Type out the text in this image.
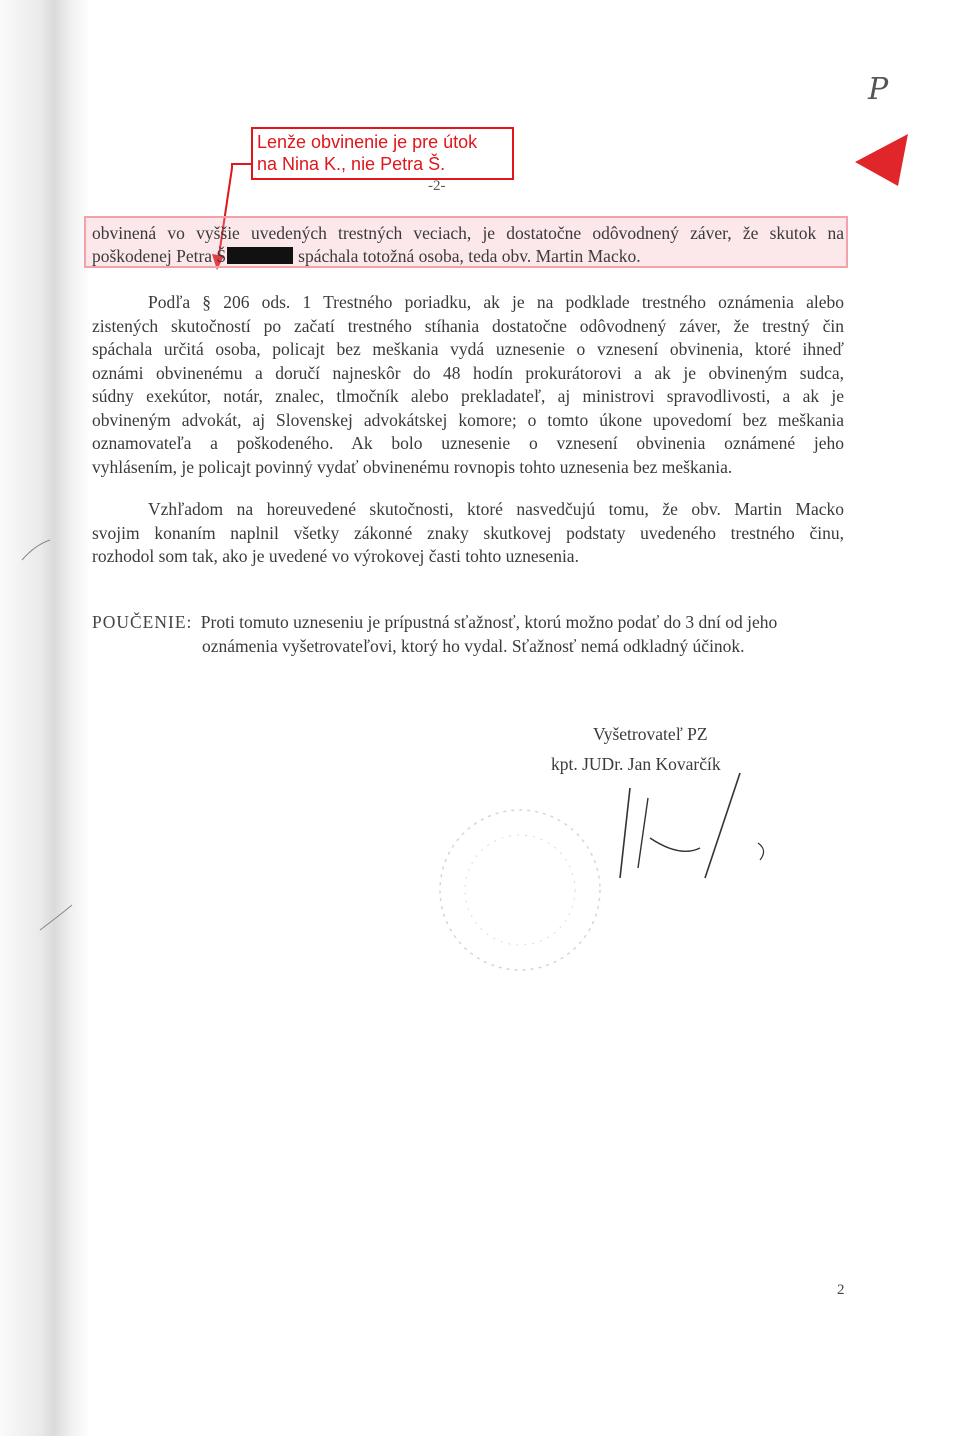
P
Lenže obvinenie je pre útok
na Nina K., nie Petra Š.
-2-
obvinená vo vyššie uvedených trestných veciach, je dostatočne odôvodnený záver, že skutok na
poškodenej Petra Š	spáchala totožná osoba, teda obv. Martin Macko.
Podľa § 206 ods. 1 Trestného poriadku, ak je na podklade trestného oznámenia alebo
zistených skutočností po začatí trestného stíhania dostatočne odôvodnený záver, že trestný čin
spáchala určitá osoba, policajt bez meškania vydá uznesenie o vznesení obvinenia, ktoré ihneď
oznámi obvinenému a doručí najneskôr do 48 hodín prokurátorovi a ak je obvineným sudca,
súdny exekútor, notár, znalec, tlmočník alebo prekladateľ, aj ministrovi spravodlivosti, a ak je
obvineným advokát, aj Slovenskej advokátskej komore; o tomto úkone upovedomí bez meškania
oznamovateľa a poškodeného. Ak bolo uznesenie o vznesení obvinenia oznámené jeho
vyhlásením, je policajt povinný vydať obvinenému rovnopis tohto uznesenia bez meškania.
Vzhľadom na horeuvedené skutočnosti, ktoré nasvedčujú tomu, že obv. Martin Macko
svojim konaním naplnil všetky zákonné znaky skutkovej podstaty uvedeného trestného činu,
rozhodol som tak, ako je uvedené vo výrokovej časti tohto uznesenia.
POUČENIE: Proti tomuto uzneseniu je prípustná sťažnosť, ktorú možno podať do 3 dní od jeho
oznámenia vyšetrovateľovi, ktorý ho vydal. Sťažnosť nemá odkladný účinok.
Vyšetrovateľ PZ
kpt. JUDr. Jan Kovarčík
2
